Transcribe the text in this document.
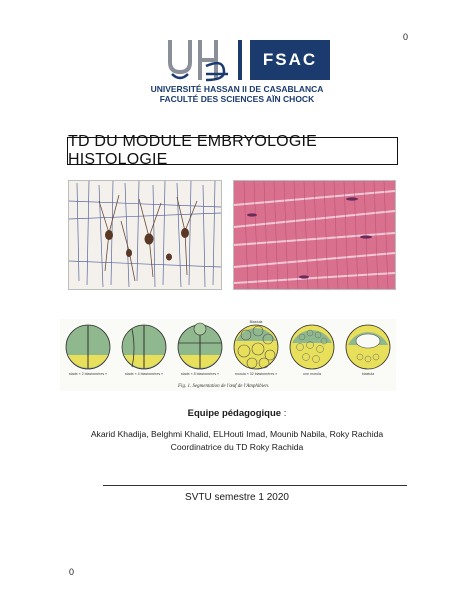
0
FSAC
UNIVERSITÉ HASSAN II DE CASABLANCA
FACULTÉ DES SCIENCES AÏN CHOCK
TD DU MODULE EMBRYOLOGIE HISTOLOGIE
stade « 2 blastomères »	stade « 4 blastomères »	stade « 8 blastomères »	morula « 32 blastomères »	une morula	blastula
Blastula
Fig. 1. Segmentation de l'œuf de l'Amphibien.
Equipe pédagogique :
Akarid Khadija, Belghmi Khalid, ELHouti Imad, Mounib Nabila, Roky Rachida
Coordinatrice du TD Roky Rachida
SVTU semestre 1 2020
0
